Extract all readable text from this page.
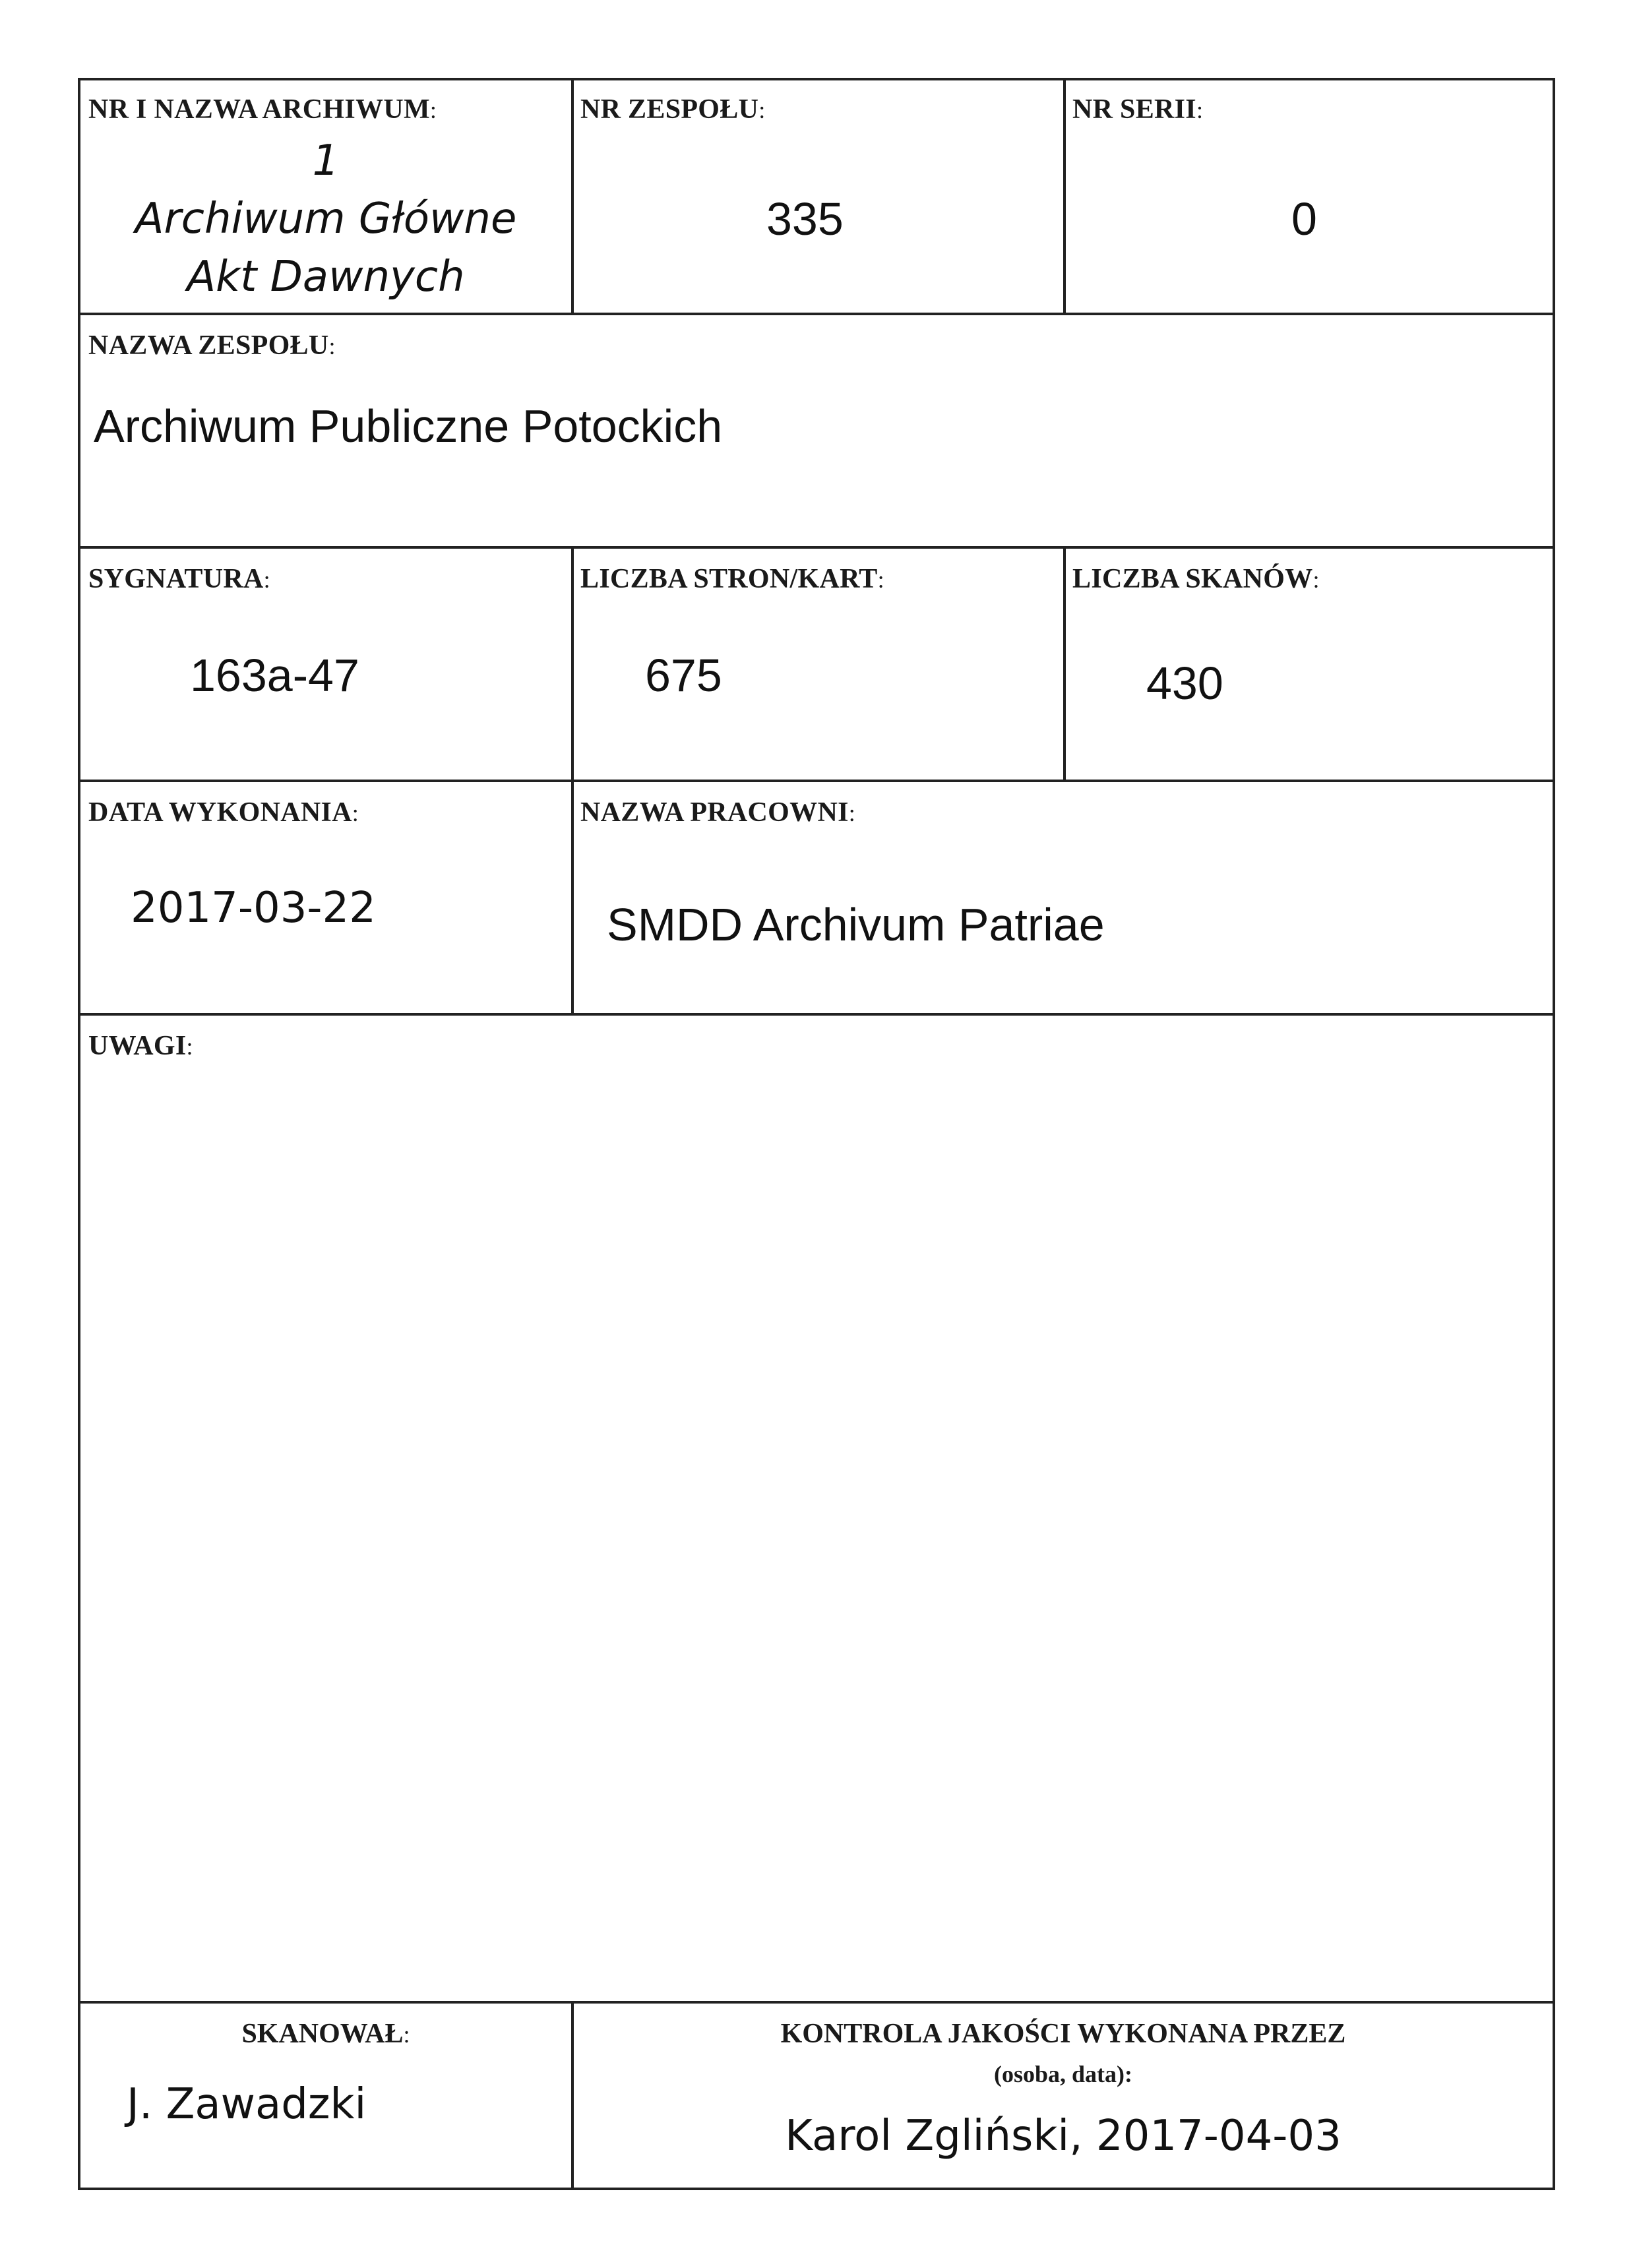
NR I NAZWA ARCHIWUM:
1
Archiwum Główne
Akt Dawnych
NR ZESPOŁU:
335
NR SERII:
0
NAZWA ZESPOŁU:
Archiwum Publiczne Potockich
SYGNATURA:
163a-47
LICZBA STRON/KART:
675
LICZBA SKANÓW:
430
DATA WYKONANIA:
2017-03-22
NAZWA PRACOWNI:
SMDD Archivum Patriae
UWAGI:
SKANOWAŁ:
J. Zawadzki
KONTROLA JAKOŚCI WYKONANA PRZEZ
(osoba, data):
Karol Zgliński, 2017-04-03
